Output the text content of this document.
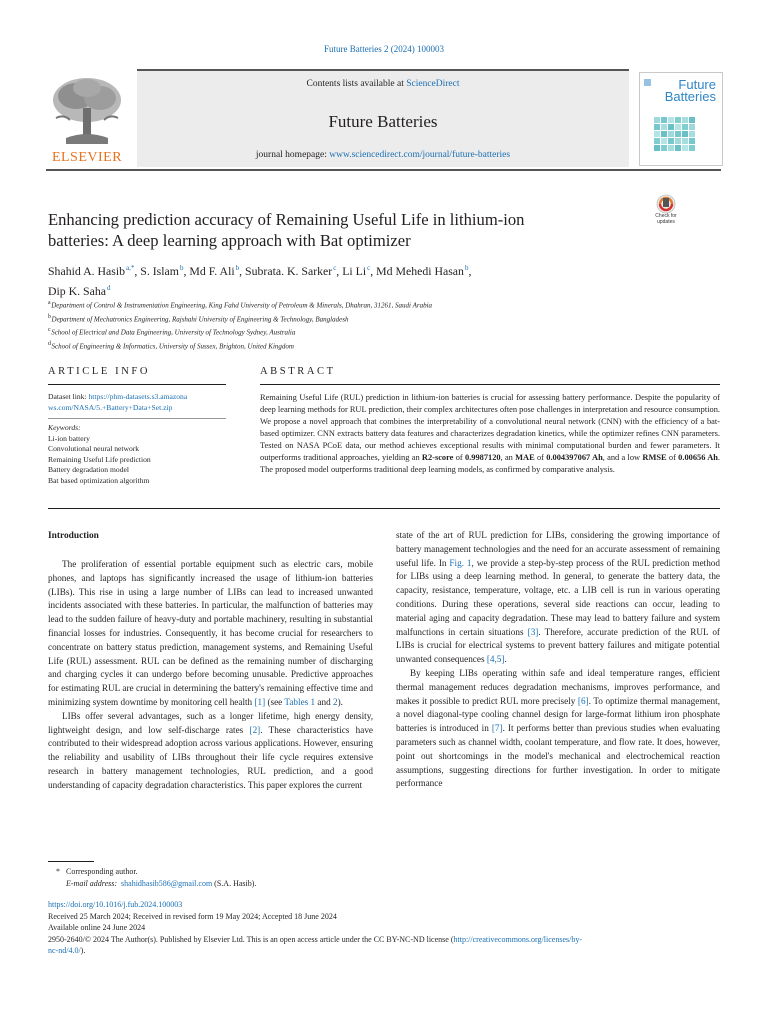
Future Batteries 2 (2024) 100003
Contents lists available at ScienceDirect
Future Batteries
journal homepage: www.sciencedirect.com/journal/future-batteries
ELSEVIER
Future
Batteries
Check for
updates
Enhancing prediction accuracy of Remaining Useful Life in lithium-ion
batteries: A deep learning approach with Bat optimizer
Shahid A. Hasib $^{a,*}$, S. Islam $^b$, Md F. Ali $^b$, Subrata. K. Sarker $^c$, Li Li $^c$, Md Mehedi Hasan $^b$,
Dip K. Saha $^d$
$^a$ Department of Control & Instrumentation Engineering, King Fahd University of Petroleum & Minerals, Dhahran, 31261, Saudi Arabia
$^b$ Department of Mechatronics Engineering, Rajshahi University of Engineering & Technology, Bangladesh
$^c$ School of Electrical and Data Engineering, University of Technology Sydney, Australia
$^d$ School of Engineering & Informatics, University of Sussex, Brighton, United Kingdom
ARTICLE INFO
Dataset link: https://phm-datasets.s3.amazona
ws.com/NASA/5.+Battery+Data+Set.zip
Keywords:
Li-ion battery
Convolutional neural network
Remaining Useful Life prediction
Battery degradation model
Bat based optimization algorithm
ABSTRACT
Remaining Useful Life (RUL) prediction in lithium-ion batteries is crucial for assessing battery performance. Despite the popularity of deep learning methods for RUL prediction, their complex architectures often pose challenges in interpretation and resource consumption. We propose a novel approach that combines the interpretability of a convolutional neural network (CNN) with the efficiency of a bat-based optimizer. CNN extracts battery data features and characterizes degradation kinetics, while the optimizer refines CNN parameters. Tested on NASA PCoE data, our method achieves exceptional results with minimal computational burden and fewer parameters. It outperforms traditional approaches, yielding an R2-score of 0.9987120, an MAE of 0.004397067 Ah, and a low RMSE of 0.00656 Ah. The proposed model outperforms traditional deep learning models, as confirmed by comparative analysis.
Introduction

The proliferation of essential portable equipment such as electric cars, mobile phones, and laptops has significantly increased the usage of lithium-ion batteries (LIBs). This rise in using a large number of LIBs can lead to increased unwanted incidents associated with these batteries. In particular, the malfunction of batteries may lead to the sudden failure of heavy-duty and portable machinery, resulting in substantial financial losses for industries. Consequently, it has become crucial for researchers to concentrate on battery status prediction, management systems, and Remaining Useful Life (RUL) assessment. RUL can be defined as the remaining number of discharging and charging cycles it can undergo before becoming unusable. Predictive approaches for estimating RUL are crucial in determining the battery's remaining effective time and minimizing system downtime by monitoring cell health [1] (see Tables 1 and 2).

LIBs offer several advantages, such as a longer lifetime, high energy density, lightweight design, and low self-discharge rates [2]. These characteristics have contributed to their widespread adoption across various applications. However, ensuring the reliability and usability of LIBs throughout their life cycle requires extensive research in battery management technologies, RUL prediction, and a good understanding of capacity degradation characteristics. This paper explores the current

state of the art of RUL prediction for LIBs, considering the growing importance of battery management technologies and the need for an accurate assessment of remaining useful life. In Fig. 1, we provide a step-by-step process of the RUL prediction method for LIBs using a deep learning method. In general, to generate the battery data, the capacity, resistance, temperature, voltage, etc. a LIB cell is run in various operating conditions. During these operations, several side reactions can occur, leading to material aging and capacity degradation. These may lead to battery failure and system malfunctions in certain situations [3]. Therefore, accurate prediction of the RUL of LIBs is crucial for electrical systems to prevent battery failures and mitigate potential unwanted consequences [4,5].

By keeping LIBs operating within safe and ideal temperature ranges, efficient thermal management reduces degradation mechanisms, improves performance, and makes it possible to predict RUL more precisely [6]. To optimize thermal management, a novel diagonal-type cooling channel design for large-format lithium iron phosphate batteries is introduced in [7]. It performs better than previous studies when evaluating parameters such as channel width, coolant temperature, and flow rate. It does, however, point out shortcomings in the model's mechanical and electrochemical reaction assumptions, suggesting directions for further investigation. In order to mitigate performance

* Corresponding author.
E-mail address: shahidhasib586@gmail.com (S.A. Hasib).
https://doi.org/10.1016/j.fub.2024.100003
Received 25 March 2024; Received in revised form 19 May 2024; Accepted 18 June 2024
Available online 24 June 2024
2950-2640/© 2024 The Author(s). Published by Elsevier Ltd. This is an open access article under the CC BY-NC-ND license (http://creativecommons.org/licenses/by-
nc-nd/4.0/).
